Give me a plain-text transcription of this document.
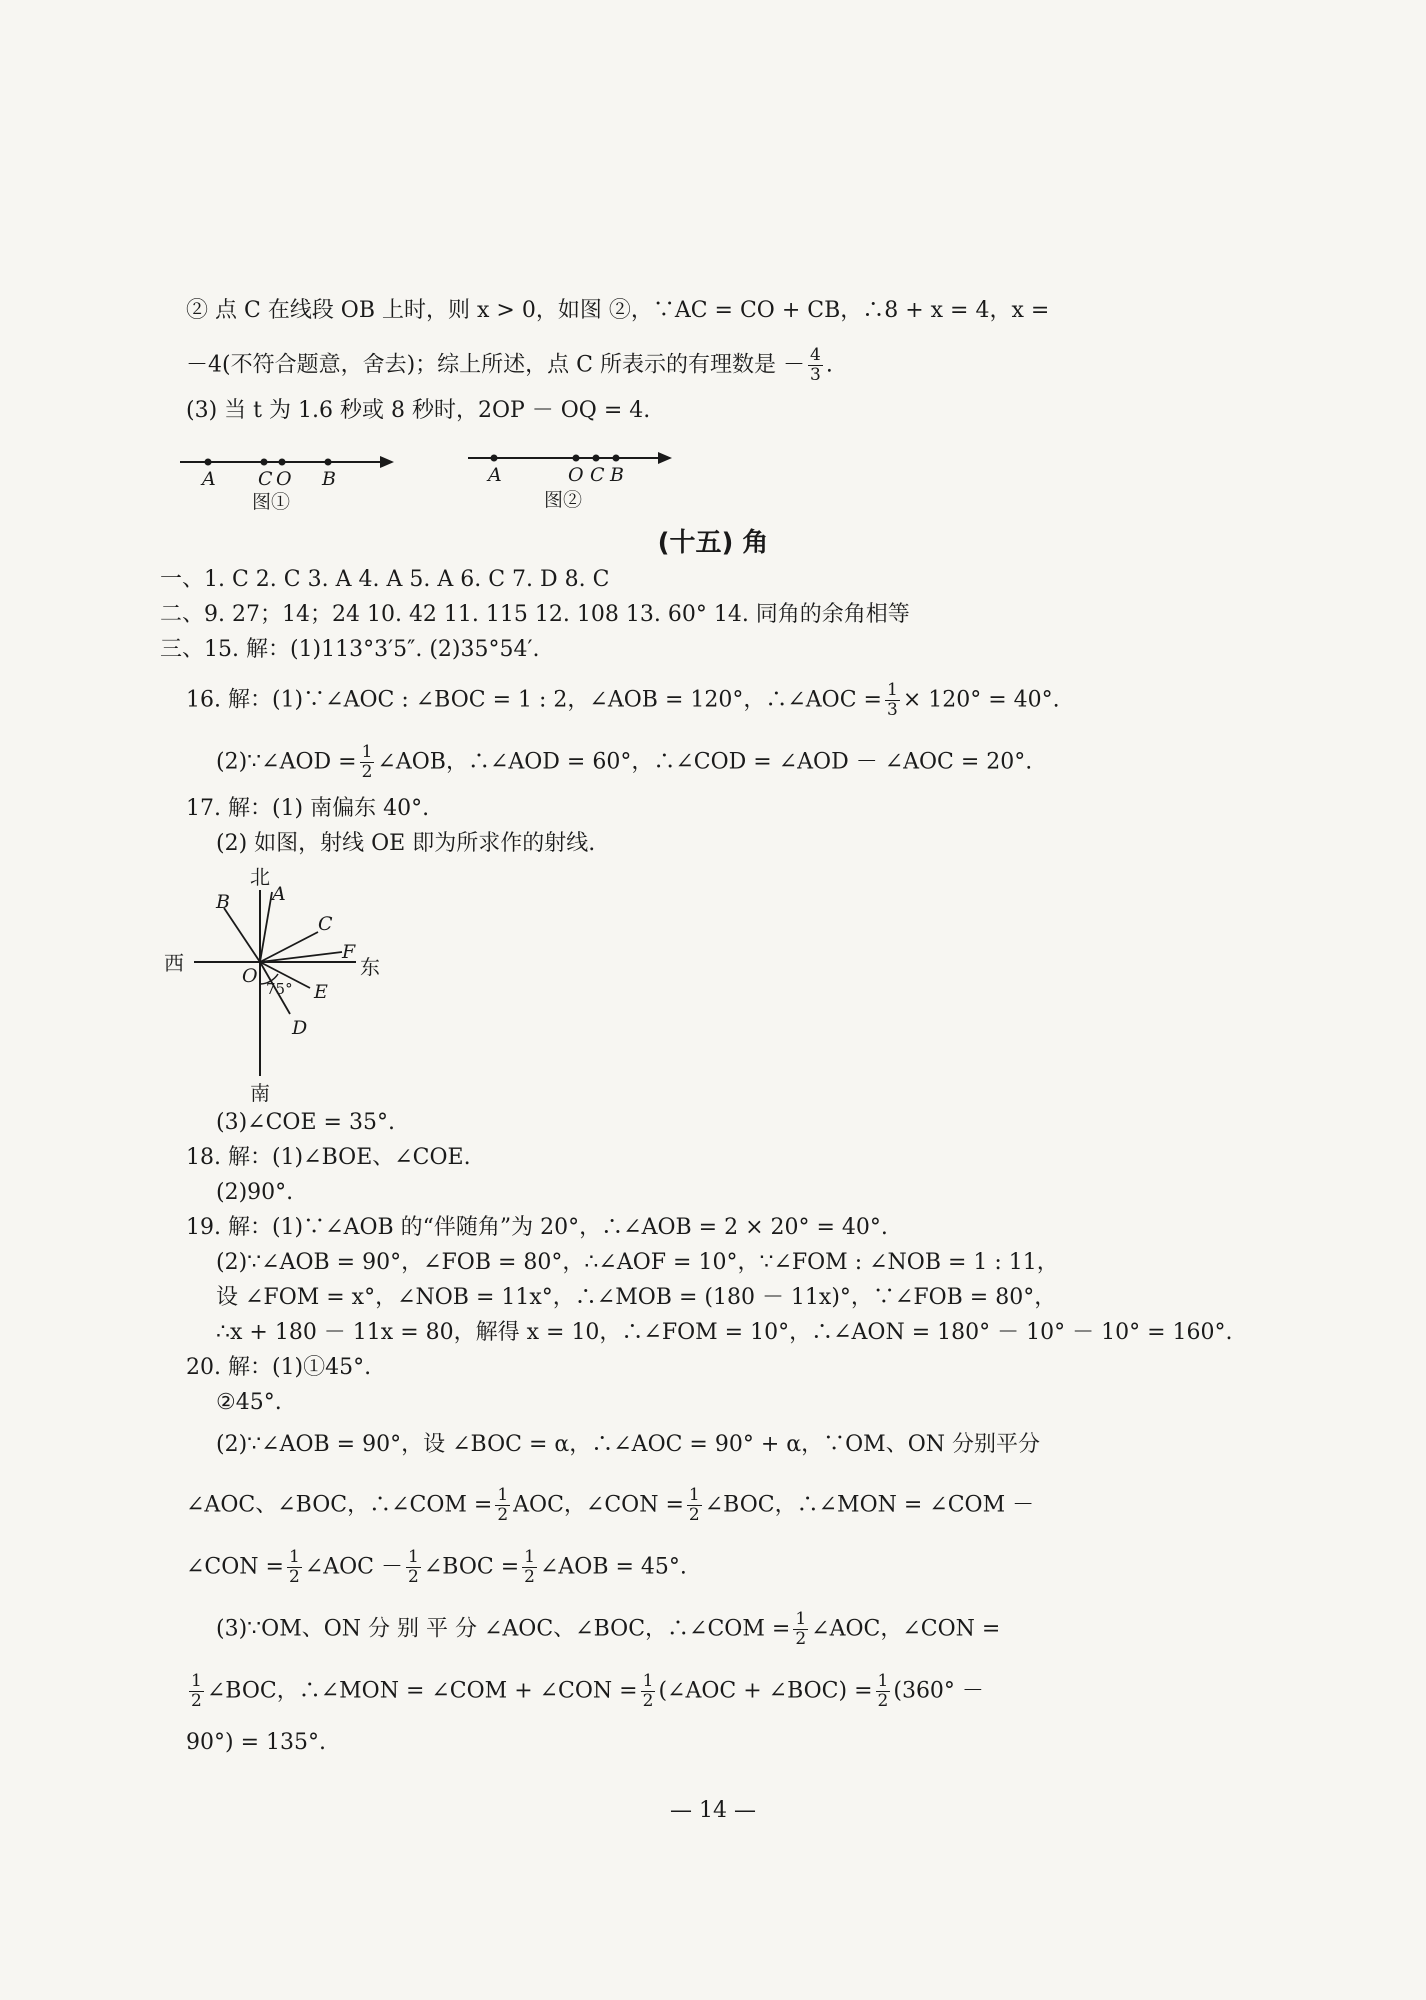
② 点 C 在线段 OB 上时，则 x > 0，如图 ②，∵AC = CO + CB，∴8 + x = 4，x =
－4(不符合题意，舍去)；综上所述，点 C 所表示的有理数是 － $\frac{4}{3}$ .
(3) 当 t 为 1.6 秒或 8 秒时，2OP － OQ = 4.
A C O B
图①
A	O C B
图②
(十五) 角
一、1. C 2. C 3. A 4. A 5. A 6. C 7. D 8. C
二、9. 27；14；24 10. 42 11. 115 12. 108 13. 60° 14. 同角的余角相等
三、15. 解：(1)113°3′5″. (2)35°54′.
16. 解：(1)∵∠AOC : ∠BOC = 1 : 2，∠AOB = 120°，∴∠AOC = $\frac{1}{3} \times 120^\circ = 40^\circ$.
(2)∵∠AOD = $\frac{1}{2}$ ∠AOB，∴∠AOD = 60°，∴∠COD = ∠AOD － ∠AOC = 20°.
17. 解：(1) 南偏东 40°.
(2) 如图，射线 OE 即为所求作的射线.
北
南
西	东
A
B
C
D
E
F
O
75°
(3)∠COE = 35°.
18. 解：(1)∠BOE、∠COE.
(2)90°.
19. 解：(1)∵∠AOB 的“伴随角”为 20°，∴∠AOB = 2 × 20° = 40°.
(2)∵∠AOB = 90°，∠FOB = 80°，∴∠AOF = 10°，∵∠FOM : ∠NOB = 1 : 11，
设 ∠FOM = x°，∠NOB = 11x°，∴∠MOB = (180 － 11x)°，∵∠FOB = 80°，
∴x + 180 － 11x = 80，解得 x = 10，∴∠FOM = 10°，∴∠AON = 180° － 10° － 10° = 160°.
20. 解：(1)①45°.
②45°.
(2)∵∠AOB = 90°，设 ∠BOC = α，∴∠AOC = 90° + α，∵OM、ON 分别平分
∠AOC、∠BOC，∴∠COM = $\frac{1}{2}$ AOC，∠CON = $\frac{1}{2}$ ∠BOC，∴∠MON = ∠COM －
∠CON = $\frac{1}{2}$ ∠AOC － $\frac{1}{2}$ ∠BOC = $\frac{1}{2}$ ∠AOB = 45°.
(3)∵OM、ON 分 别 平 分 ∠AOC、∠BOC，∴∠COM = $\frac{1}{2}$ ∠AOC，∠CON =
$\frac{1}{2}$ ∠BOC，∴∠MON = ∠COM + ∠CON = $\frac{1}{2}$ (∠AOC + ∠BOC) = $\frac{1}{2} (360^\circ$ －
90°) = 135°.
— 14 —
